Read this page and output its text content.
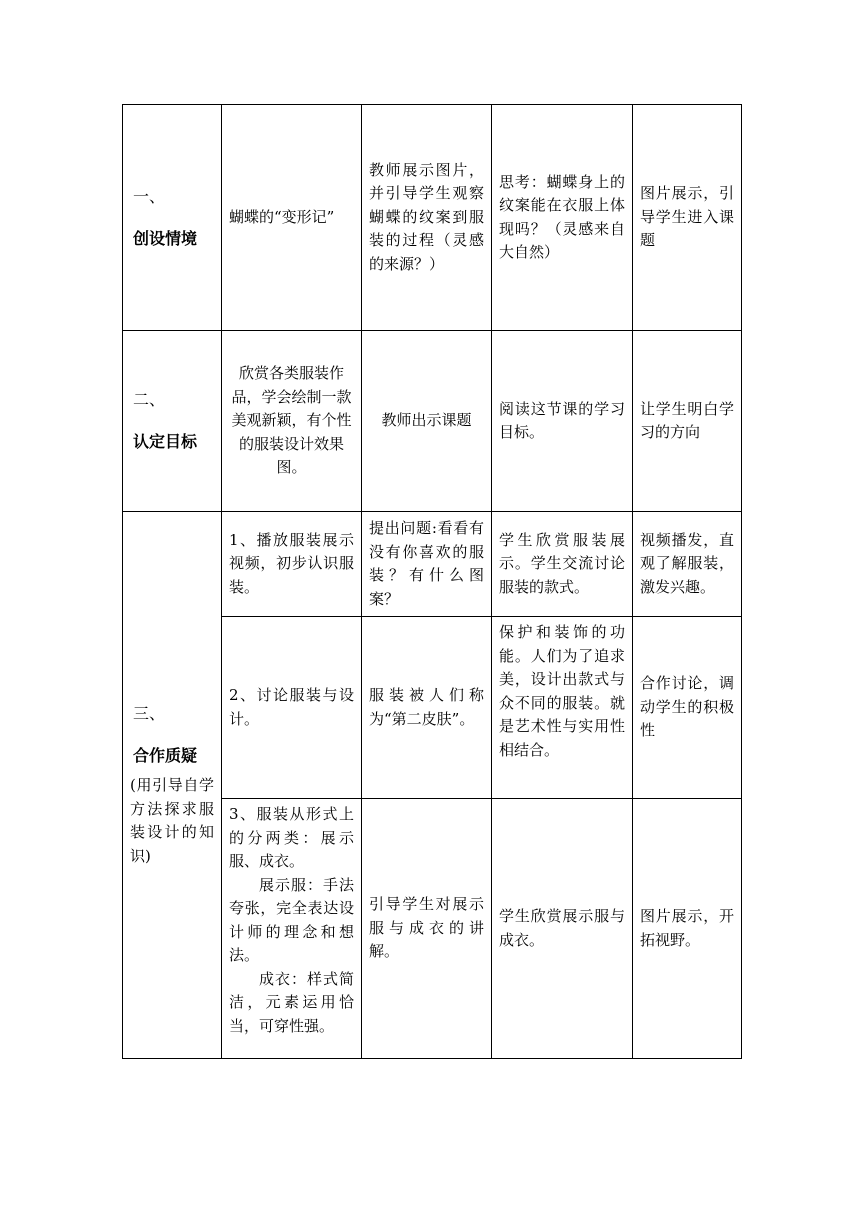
一、
创设情境	蝴蝶的“变形记”	教师展示图片，并引导学生观察蝴蝶的纹案到服装的过程（灵感的来源？）	思考：蝴蝶身上的纹案能在衣服上体现吗？（灵感来自大自然）	图片展示，引导学生进入课题

二、
认定目标	欣赏各类服装作品，学会绘制一款美观新颖，有个性的服装设计效果图。	教师出示课题	阅读这节课的学习目标。	让学生明白学习的方向

三、
合作质疑
(用引导自学方法探求服装设计的知识)	1、播放服装展示视频，初步认识服装。	提出问题:看看有没有你喜欢的服装？有什么图案？	学生欣赏服装展示。学生交流讨论服装的款式。	视频播发，直观了解服装，激发兴趣。
	2、讨论服装与设计。	服装被人们称为“第二皮肤”。	保护和装饰的功能。人们为了追求美，设计出款式与众不同的服装。就是艺术性与实用性相结合。	合作讨论，调动学生的积极性

	3、服装从形式上的分两类：展示服、成衣。
展示服：手法夸张，完全表达设计师的理念和想法。
成衣：样式简洁，元素运用恰当，可穿性强。	引导学生对展示服与成衣的讲解。	学生欣赏展示服与成衣。	图片展示，开拓视野。
